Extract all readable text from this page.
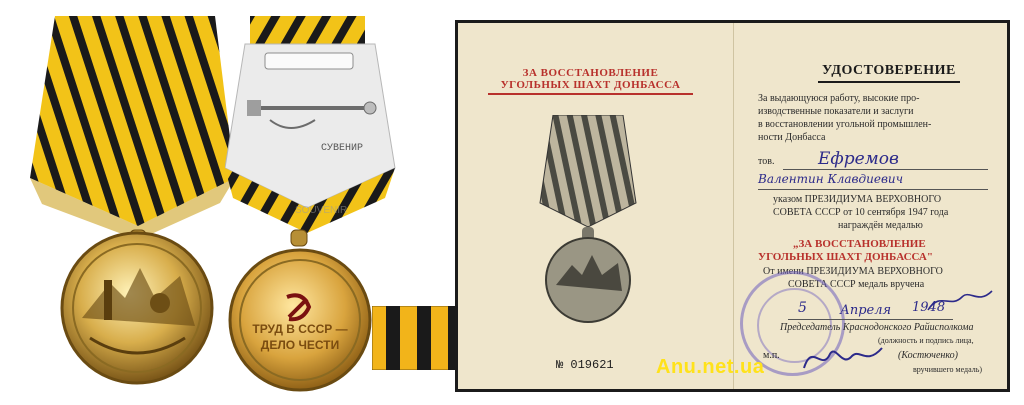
СУВЕНИР
ТРУД В СССР —
ДЕЛО ЧЕСТИ
ЗА ВОССТАНОВЛЕНИЕ
УГОЛЬНЫХ ШАХТ ДОНБАССА
№ 019621
УДОСТОВЕРЕНИЕ
За выдающуюся работу, высокие про-
изводственные показатели и заслуги
в восстановлении угольной промышлен-
ности Донбасса
тов.	Ефремов
Валентин Клавдиевич
указом ПРЕЗИДИУМА ВЕРХОВНОГО
СОВЕТА СССР от 10 сентября 1947 года
награждён медалью
„ЗА ВОССТАНОВЛЕНИЕ
УГОЛЬНЫХ ШАХТ ДОНБАССА"
От имени ПРЕЗИДИУМА ВЕРХОВНОГО
СОВЕТА СССР медаль вручена
5	Апреля 1948
Председатель Краснодонского Райисполкома
(должность и подпись лица,
м.п.	(Костюченко)
вручившего медаль)
Anu.net.ua
SOUVENIR
